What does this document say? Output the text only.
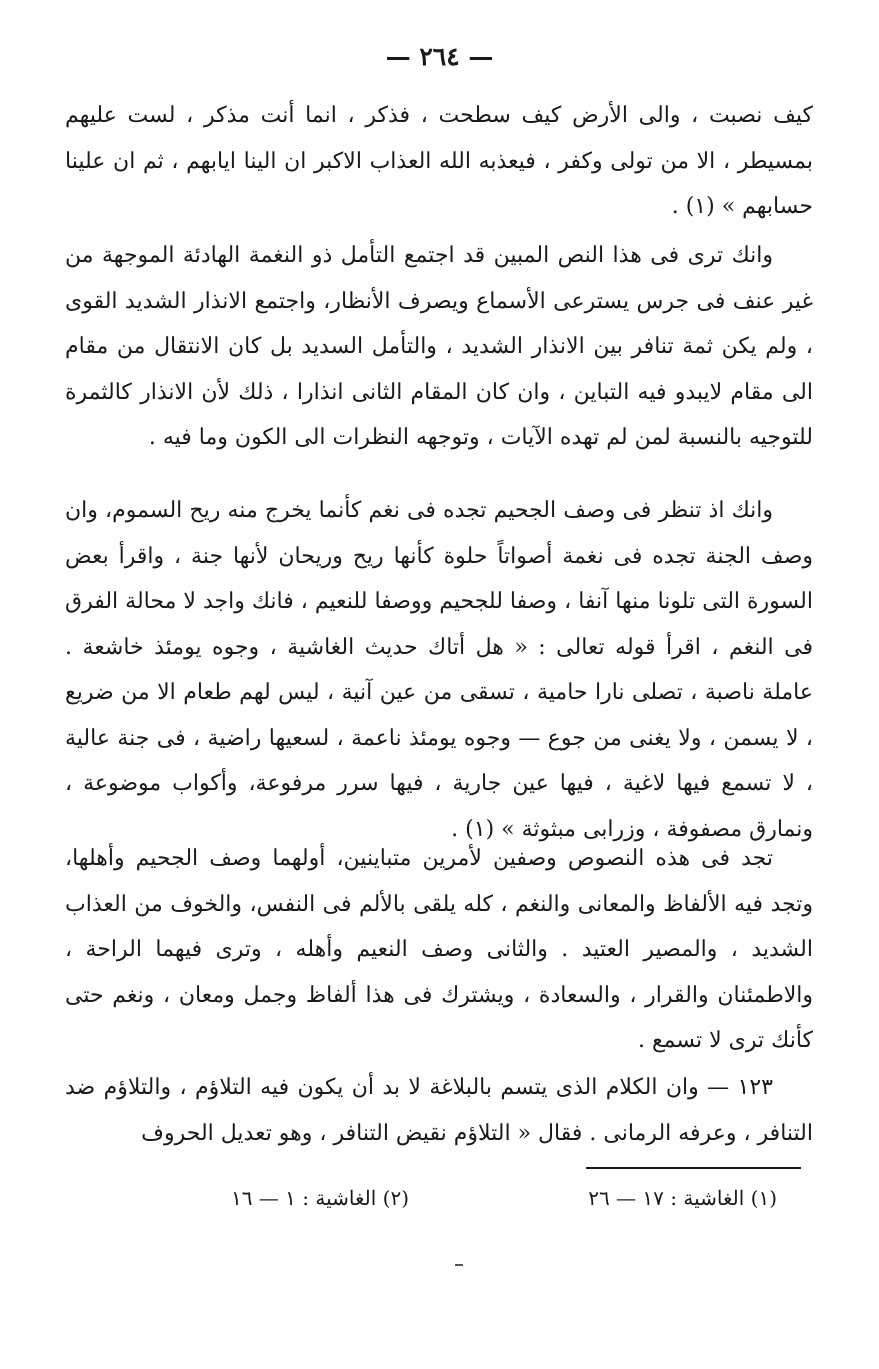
— ٢٦٤ —

كيف نصبت ، والى الأرض كيف سطحت ، فذكر ، انما أنت مذكر ، لست عليهم بمسيطر ، الا من تولى وكفر ، فيعذبه الله العذاب الاكبر ان الينا ايابهم ، ثم ان علينا حسابهم » (١) .

وانك ترى فى هذا النص المبين قد اجتمع التأمل ذو النغمة الهادئة الموجهة من غير عنف فى جرس يسترعى الأسماع ويصرف الأنظار، واجتمع الانذار الشديد القوى ، ولم يكن ثمة تنافر بين الانذار الشديد ، والتأمل السديد بل كان الانتقال من مقام الى مقام لايبدو فيه التباين ، وان كان المقام الثانى انذارا ، ذلك لأن الانذار كالثمرة للتوجيه بالنسبة لمن لم تهده الآيات ، وتوجهه النظرات الى الكون وما فيه .

وانك اذ تنظر فى وصف الجحيم تجده فى نغم كأنما يخرج منه ريح السموم، وان وصف الجنة تجده فى نغمة أصواتاً حلوة كأنها ريح وريحان لأنها جنة ، واقرأ بعض السورة التى تلونا منها آنفا ، وصفا للجحيم ووصفا للنعيم ، فانك واجد لا محالة الفرق فى النغم ، اقرأ قوله تعالى : « هل أتاك حديث الغاشية ، وجوه يومئذ خاشعة . عاملة ناصبة ، تصلى نارا حامية ، تسقى من عين آنية ، ليس لهم طعام الا من ضريع ، لا يسمن ، ولا يغنى من جوع — وجوه يومئذ ناعمة ، لسعيها راضية ، فى جنة عالية ، لا تسمع فيها لاغية ، فيها عين جارية ، فيها سرر مرفوعة، وأكواب موضوعة ، ونمارق مصفوفة ، وزرابى مبثوثة » (١) .

تجد فى هذه النصوص وصفين لأمرين متباينين، أولهما وصف الجحيم وأهلها، وتجد فيه الألفاظ والمعانى والنغم ، كله يلقى بالألم فى النفس، والخوف من العذاب الشديد ، والمصير العتيد . والثانى وصف النعيم وأهله ، وترى فيهما الراحة ، والاطمئنان والقرار ، والسعادة ، ويشترك فى هذا ألفاظ وجمل ومعان ، ونغم حتى كأنك ترى لا تسمع .

١٢٣ — وان الكلام الذى يتسم بالبلاغة لا بد أن يكون فيه التلاؤم ، والتلاؤم ضد التنافر ، وعرفه الرمانى . فقال « التلاؤم نقيض التنافر ، وهو تعديل الحروف

(١) الغاشية : ١٧ — ٢٦
(٢) الغاشية : ١ — ١٦
